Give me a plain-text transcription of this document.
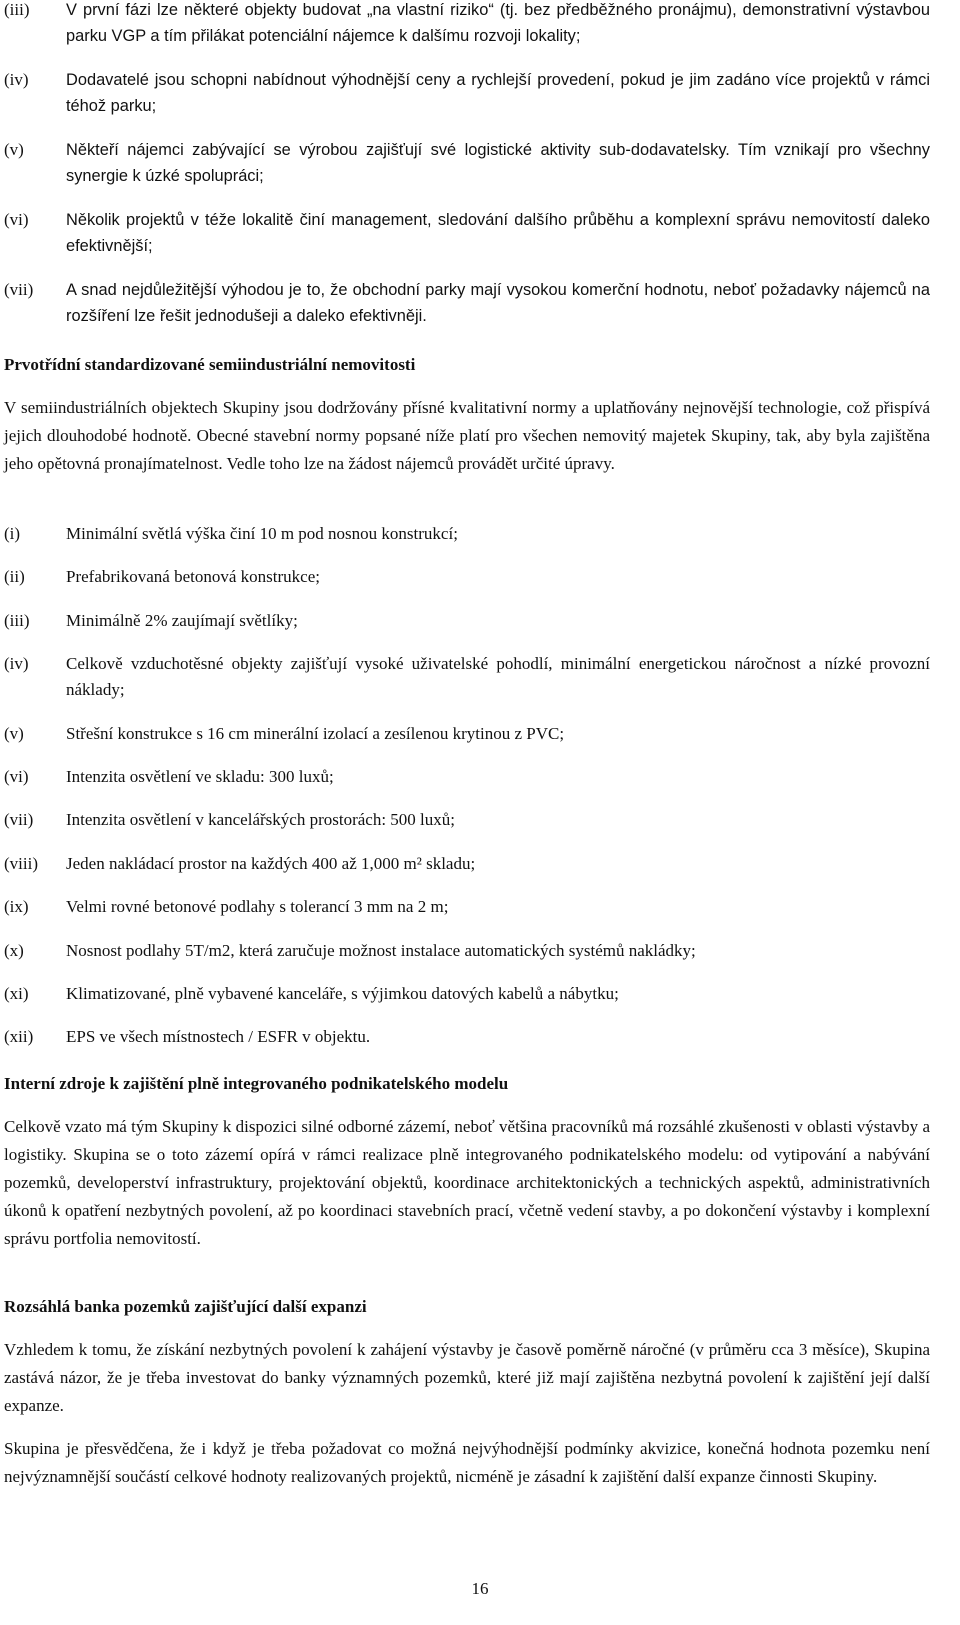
(iii)	V první fázi lze některé objekty budovat „na vlastní riziko“ (tj. bez předběžného pronájmu), demonstrativní výstavbou parku VGP a tím přilákat potenciální nájemce k dalšímu rozvoji lokality;
(iv)	Dodavatelé jsou schopni nabídnout výhodnější ceny a rychlejší provedení, pokud je jim zadáno více projektů v rámci téhož parku;
(v)	Někteří nájemci zabývající se výrobou zajišťují své logistické aktivity sub-dodavatelsky. Tím vznikají pro všechny synergie k úzké spolupráci;
(vi)	Několik projektů v téže lokalitě činí management, sledování dalšího průběhu a komplexní správu nemovitostí daleko efektivnější;
(vii)	A snad nejdůležitější výhodou je to, že obchodní parky mají vysokou komerční hodnotu, neboť požadavky nájemců na rozšíření lze řešit jednodušeji a daleko efektivněji.
Prvotřídní standardizované semiindustriální nemovitosti

V semiindustriálních objektech Skupiny jsou dodržovány přísné kvalitativní normy a uplatňovány nejnovější technologie, což přispívá jejich dlouhodobé hodnotě. Obecné stavební normy popsané níže platí pro všechen nemovitý majetek Skupiny, tak, aby byla zajištěna jeho opětovná pronajímatelnost. Vedle toho lze na žádost nájemců provádět určité úpravy.

(i)	Minimální světlá výška činí 10 m pod nosnou konstrukcí;
(ii)	Prefabrikovaná betonová konstrukce;
(iii)	Minimálně 2% zaujímají světlíky;
(iv)	Celkově vzduchotěsné objekty zajišťují vysoké uživatelské pohodlí, minimální energetickou náročnost a nízké provozní náklady;
(v)	Střešní konstrukce s 16 cm minerální izolací a zesílenou krytinou z PVC;
(vi)	Intenzita osvětlení ve skladu: 300 luxů;
(vii)	Intenzita osvětlení v kancelářských prostorách: 500 luxů;
(viii)	Jeden nakládací prostor na každých 400 až 1,000 m² skladu;
(ix)	Velmi rovné betonové podlahy s tolerancí 3 mm na 2 m;
(x)	Nosnost podlahy 5T/m2, která zaručuje možnost instalace automatických systémů nakládky;
(xi)	Klimatizované, plně vybavené kanceláře, s výjimkou datových kabelů a nábytku;
(xii)	EPS ve všech místnostech / ESFR v objektu.
Interní zdroje k zajištění plně integrovaného podnikatelského modelu

Celkově vzato má tým Skupiny k dispozici silné odborné zázemí, neboť většina pracovníků má rozsáhlé zkušenosti v oblasti výstavby a logistiky. Skupina se o toto zázemí opírá v rámci realizace plně integrovaného podnikatelského modelu: od vytipování a nabývání pozemků, developerství infrastruktury, projektování objektů, koordinace architektonických a technických aspektů, administrativních úkonů k opatření nezbytných povolení, až po koordinaci stavebních prací, včetně vedení stavby, a po dokončení výstavby i komplexní správu portfolia nemovitostí.

Rozsáhlá banka pozemků zajišťující další expanzi

Vzhledem k tomu, že získání nezbytných povolení k zahájení výstavby je časově poměrně náročné (v průměru cca 3 měsíce), Skupina zastává názor, že je třeba investovat do banky významných pozemků, které již mají zajištěna nezbytná povolení k zajištění její další expanze.

Skupina je přesvědčena, že i když je třeba požadovat co možná nejvýhodnější podmínky akvizice, konečná hodnota pozemku není nejvýznamnější součástí celkové hodnoty realizovaných projektů, nicméně je zásadní k zajištění další expanze činnosti Skupiny.

16
